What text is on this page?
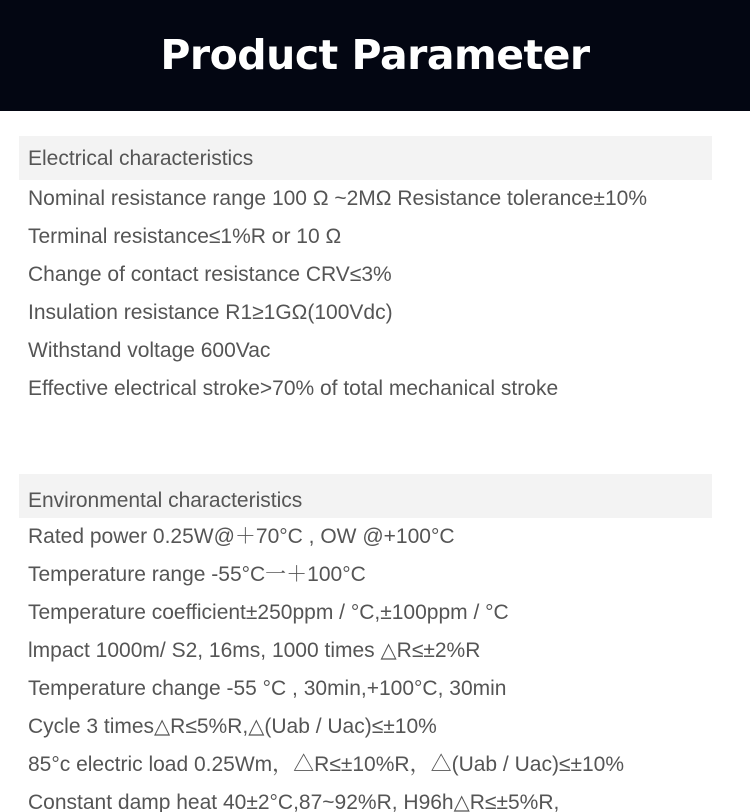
Product Parameter
Electrical characteristics
Nominal resistance range 100 Ω ~2MΩ Resistance tolerance±10%
Terminal resistance≤1%R or 10 Ω
Change of contact resistance CRV≤3%
Insulation resistance R1≥1GΩ(100Vdc)
Withstand voltage 600Vac
Effective electrical stroke>70% of total mechanical stroke
Environmental characteristics
Rated power 0.25W@＋70°C , OW @+100°C
Temperature range -55°C一＋100°C
Temperature coefficient±250ppm / °C,±100ppm / °C
lmpact 1000m/ S2, 16ms, 1000 times △R≤±2%R
Temperature change -55 °C , 30min,+100°C, 30min
Cycle 3 times△R≤5%R,△(Uab / Uac)≤±10%
85°c electric load 0.25Wm，△R≤±10%R，△(Uab / Uac)≤±10%
Constant damp heat 40±2°C,87~92%R, H96h△R≤±5%R,
